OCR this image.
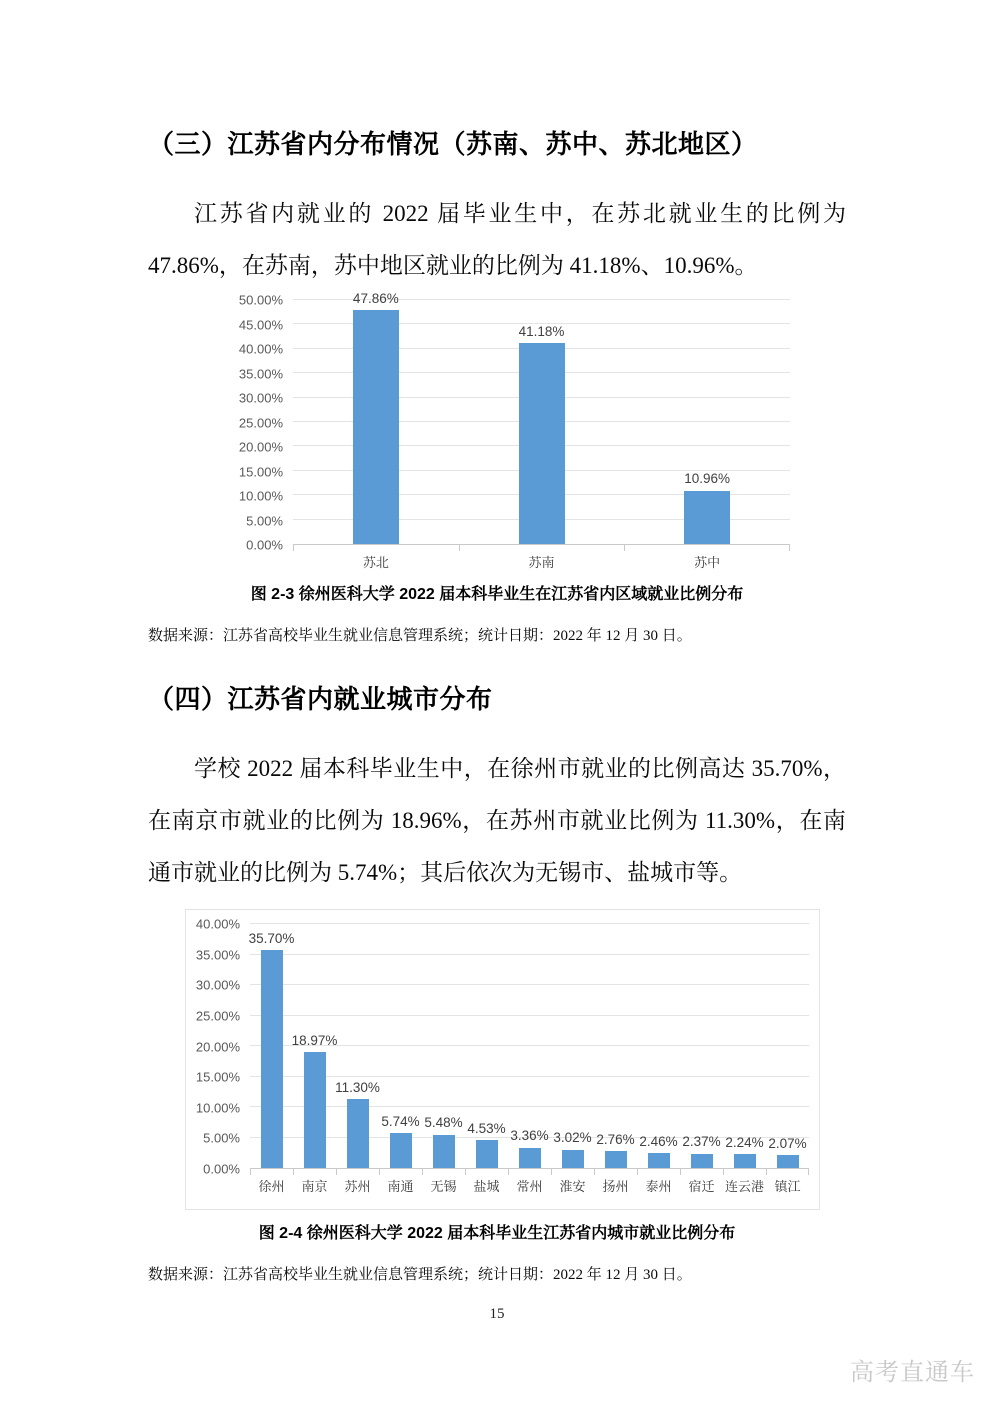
（三）江苏省内分布情况（苏南、苏中、苏北地区）
江苏省内就业的 2022 届毕业生中，在苏北就业生的比例为
47.86%，在苏南，苏中地区就业的比例为 41.18%、10.96%。
0.00%
5.00%
10.00%
15.00%
20.00%
25.00%
30.00%
35.00%
40.00%
45.00%
50.00%	47.86%
41.18%
10.96%
苏北	苏南	苏中
图 2-3 徐州医科大学 2022 届本科毕业生在江苏省内区域就业比例分布
数据来源：江苏省高校毕业生就业信息管理系统；统计日期：2022 年 12 月 30 日。
（四）江苏省内就业城市分布
学校 2022 届本科毕业生中，在徐州市就业的比例高达 35.70%，
在南京市就业的比例为 18.96%，在苏州市就业比例为 11.30%，在南
通市就业的比例为 5.74%；其后依次为无锡市、盐城市等。
0.00%
5.00%
10.00%
15.00%
20.00%
25.00%
30.00%
35.00%
40.00%
35.70%
18.97%
11.30%
5.74% 5.48% 4.53% 3.36% 3.02% 2.76% 2.46% 2.37% 2.24% 2.07%
徐州	南京	苏州	南通	无锡	盐城	常州	淮安	扬州	泰州	宿迁 连云港 镇江
图 2-4 徐州医科大学 2022 届本科毕业生江苏省内城市就业比例分布
数据来源：江苏省高校毕业生就业信息管理系统；统计日期：2022 年 12 月 30 日。
15
高考直通车
